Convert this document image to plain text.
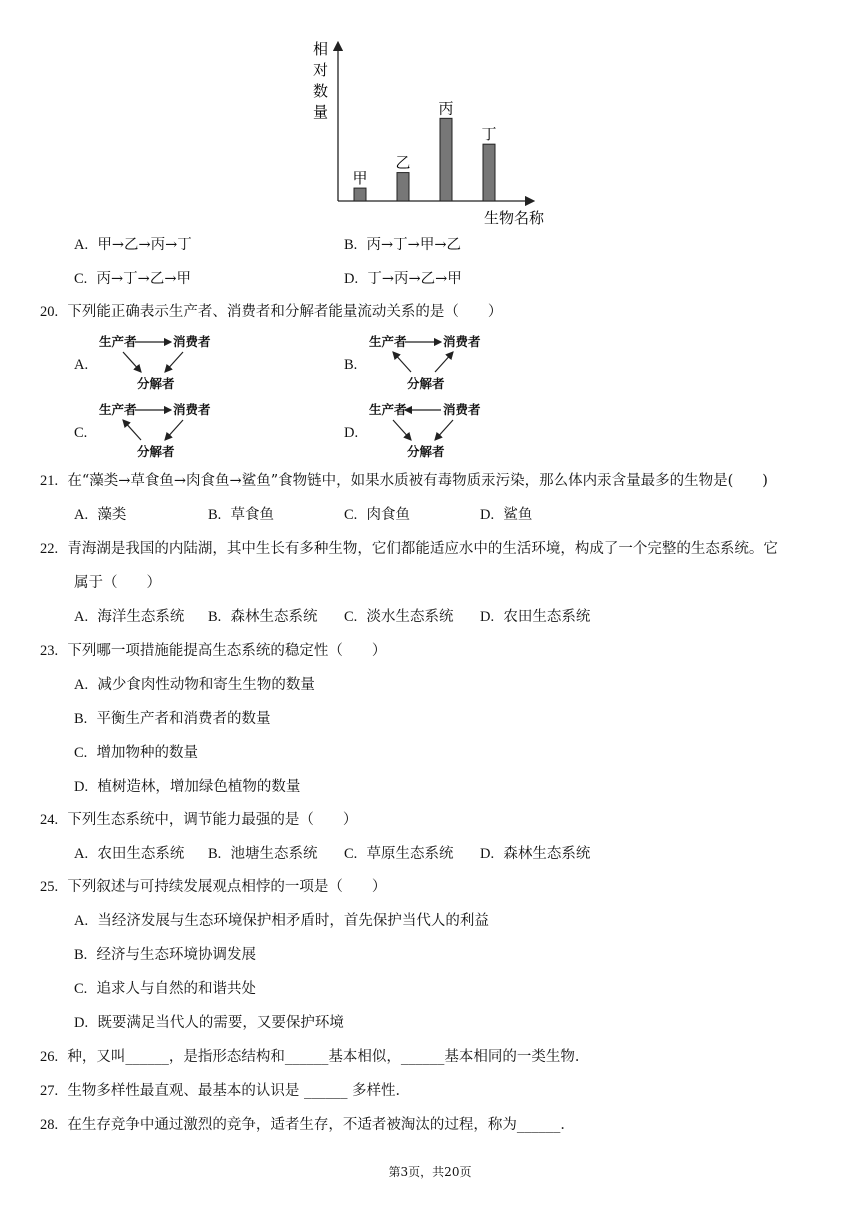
相
对
数
量
甲
乙
丙
丁
生物名称
A. 甲→乙→丙→丁	B. 丙→丁→甲→乙
C. 丙→丁→乙→甲	D. 丁→丙→乙→甲
20. 下列能正确表示生产者、消费者和分解者能量流动关系的是（　　）
A.	B.
C.	D.
生产者	消费者
分解者
生产者	消费者
分解者
生产者	消费者
分解者
生产者	消费者
分解者
21. 在“藻类→草食鱼→肉食鱼→鲨鱼”食物链中，如果水质被有毒物质汞污染，那么体内汞含量最多的生物是(　　)
A. 藻类	B. 草食鱼	C. 肉食鱼	D. 鲨鱼
22. 青海湖是我国的内陆湖，其中生长有多种生物，它们都能适应水中的生活环境，构成了一个完整的生态系统。它
属于（　　）
A. 海洋生态系统 B. 森林生态系统 C. 淡水生态系统 D. 农田生态系统
23. 下列哪一项措施能提高生态系统的稳定性（　　）
A. 减少食肉性动物和寄生生物的数量
B. 平衡生产者和消费者的数量
C. 增加物种的数量
D. 植树造林，增加绿色植物的数量
24. 下列生态系统中，调节能力最强的是（　　）
A. 农田生态系统 B. 池塘生态系统 C. 草原生态系统 D. 森林生态系统
25. 下列叙述与可持续发展观点相悖的一项是（　　）
A. 当经济发展与生态环境保护相矛盾时，首先保护当代人的利益
B. 经济与生态环境协调发展
C. 追求人与自然的和谐共处
D. 既要满足当代人的需要，又要保护环境
26. 种，又叫______，是指形态结构和______基本相似，______基本相同的一类生物．
27. 生物多样性最直观、最基本的认识是 ______ 多样性．
28. 在生存竞争中通过激烈的竞争，适者生存，不适者被淘汰的过程，称为______．
第3页，共20页
